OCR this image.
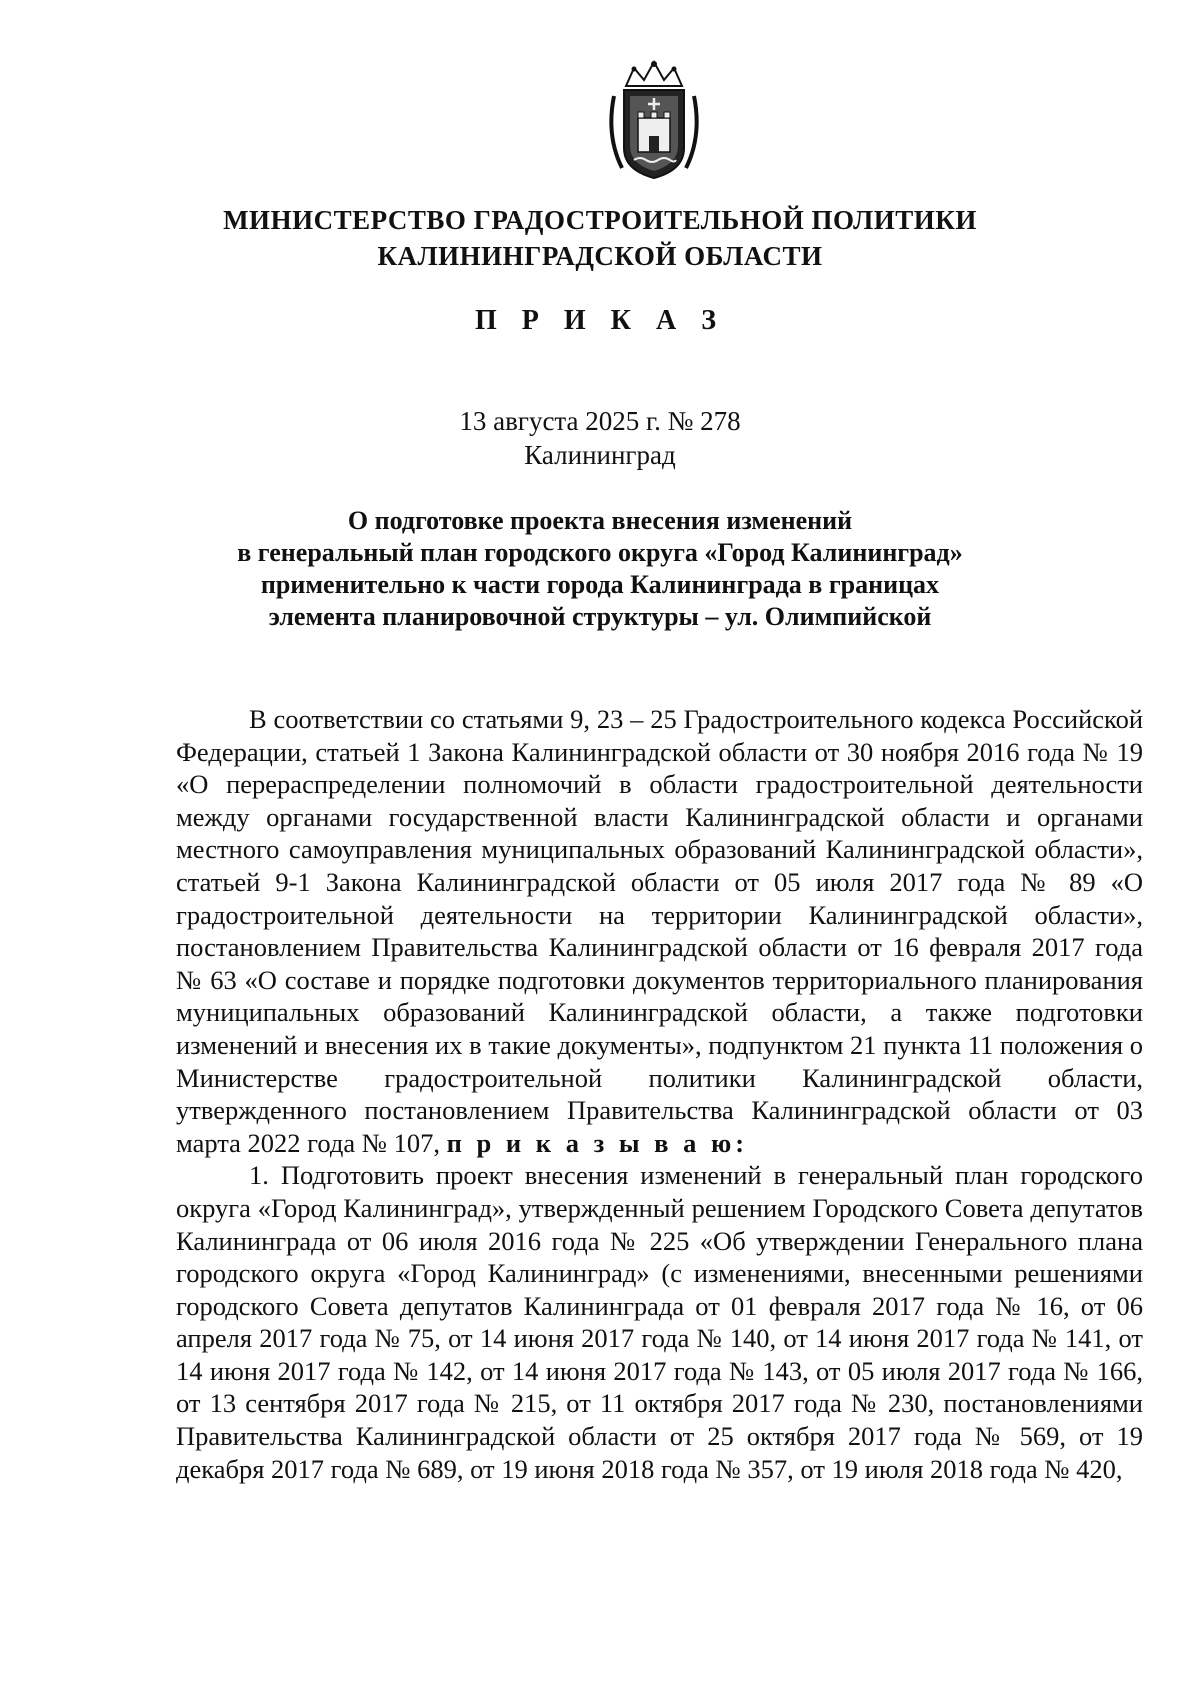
МИНИСТЕРСТВО ГРАДОСТРОИТЕЛЬНОЙ ПОЛИТИКИ
КАЛИНИНГРАДСКОЙ ОБЛАСТИ
П Р И К А З
13 августа 2025 г. № 278
Калининград
О подготовке проекта внесения изменений
в генеральный план городского округа «Город Калининград»
применительно к части города Калининграда в границах
элемента планировочной структуры – ул. Олимпийской

В соответствии со статьями 9, 23 – 25 Градостроительного кодекса Российской Федерации, статьей 1 Закона Калининградской области от 30 ноября 2016 года № 19 «О перераспределении полномочий в области градостроительной деятельности между органами государственной власти Калининградской области и органами местного самоуправления муниципальных образований Калининградской области», статьей 9-1 Закона Калининградской области от 05 июля 2017 года № 89 «О градостроительной деятельности на территории Калининградской области», постановлением Правительства Калининградской области от 16 февраля 2017 года № 63 «О составе и порядке подготовки документов территориального планирования муниципальных образований Калининградской области, а также подготовки изменений и внесения их в такие документы», подпунктом 21 пункта 11 положения о Министерстве градостроительной политики Калининградской области, утвержденного постановлением Правительства Калининградской области от 03 марта 2022 года № 107, п р и к а з ы в а ю:

1. Подготовить проект внесения изменений в генеральный план городского округа «Город Калининград», утвержденный решением Городского Совета депутатов Калининграда от 06 июля 2016 года № 225 «Об утверждении Генерального плана городского округа «Город Калининград» (с изменениями, внесенными решениями городского Совета депутатов Калининграда от 01 февраля 2017 года № 16, от 06 апреля 2017 года № 75, от 14 июня 2017 года № 140, от 14 июня 2017 года № 141, от 14 июня 2017 года № 142, от 14 июня 2017 года № 143, от 05 июля 2017 года № 166, от 13 сентября 2017 года № 215, от 11 октября 2017 года № 230, постановлениями Правительства Калининградской области от 25 октября 2017 года № 569, от 19 декабря 2017 года № 689, от 19 июня 2018 года № 357, от 19 июля 2018 года № 420,
